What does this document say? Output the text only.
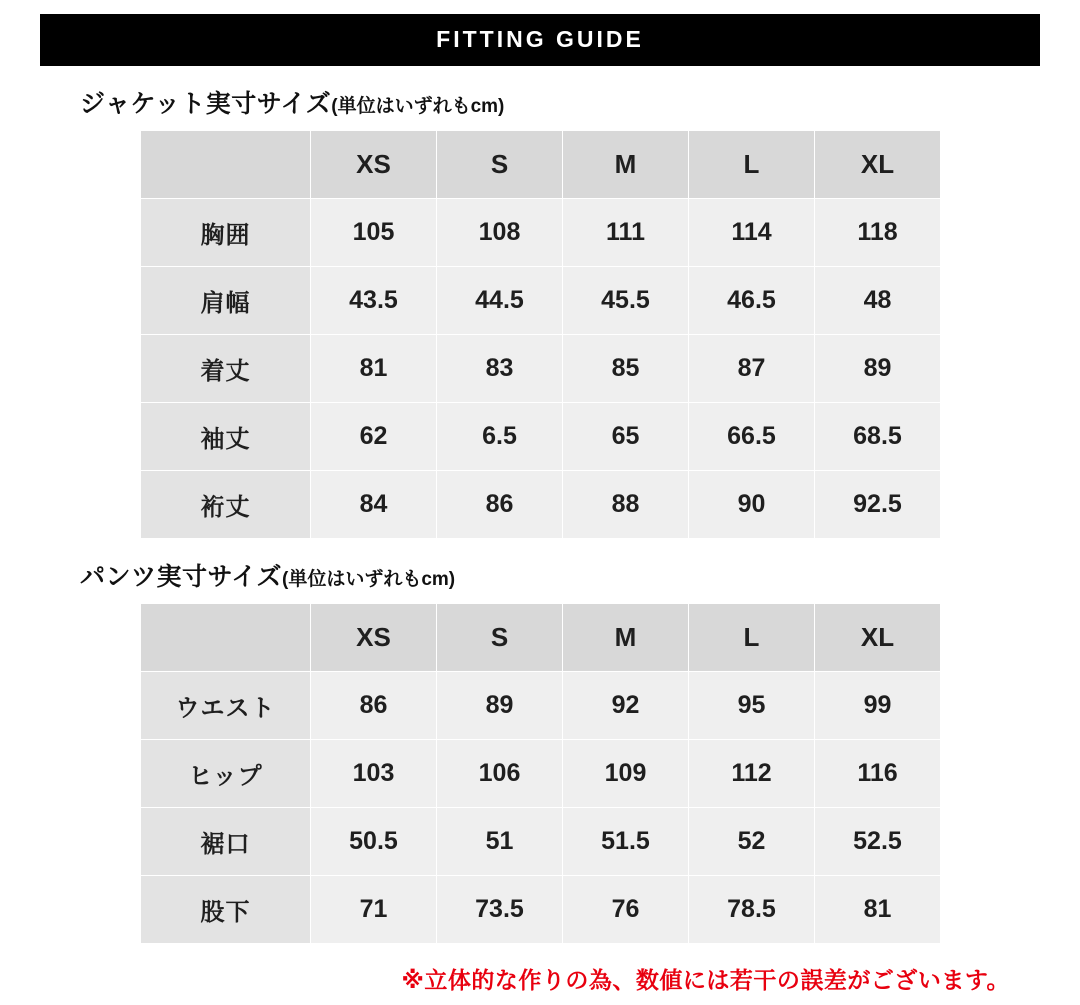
FITTING GUIDE
ジャケット実寸サイズ(単位はいずれもcm)
	XS	S	M	L	XL
胸囲	105	108	111	114	118
肩幅	43.5	44.5	45.5	46.5	48
着丈	81	83	85	87	89
袖丈	62	6.5	65	66.5	68.5
裄丈	84	86	88	90	92.5
パンツ実寸サイズ(単位はいずれもcm)
	XS	S	M	L	XL
ウエスト	86	89	92	95	99
ヒップ	103	106	109	112	116
裾口	50.5	51	51.5	52	52.5
股下	71	73.5	76	78.5	81
※立体的な作りの為、数値には若干の誤差がございます。
